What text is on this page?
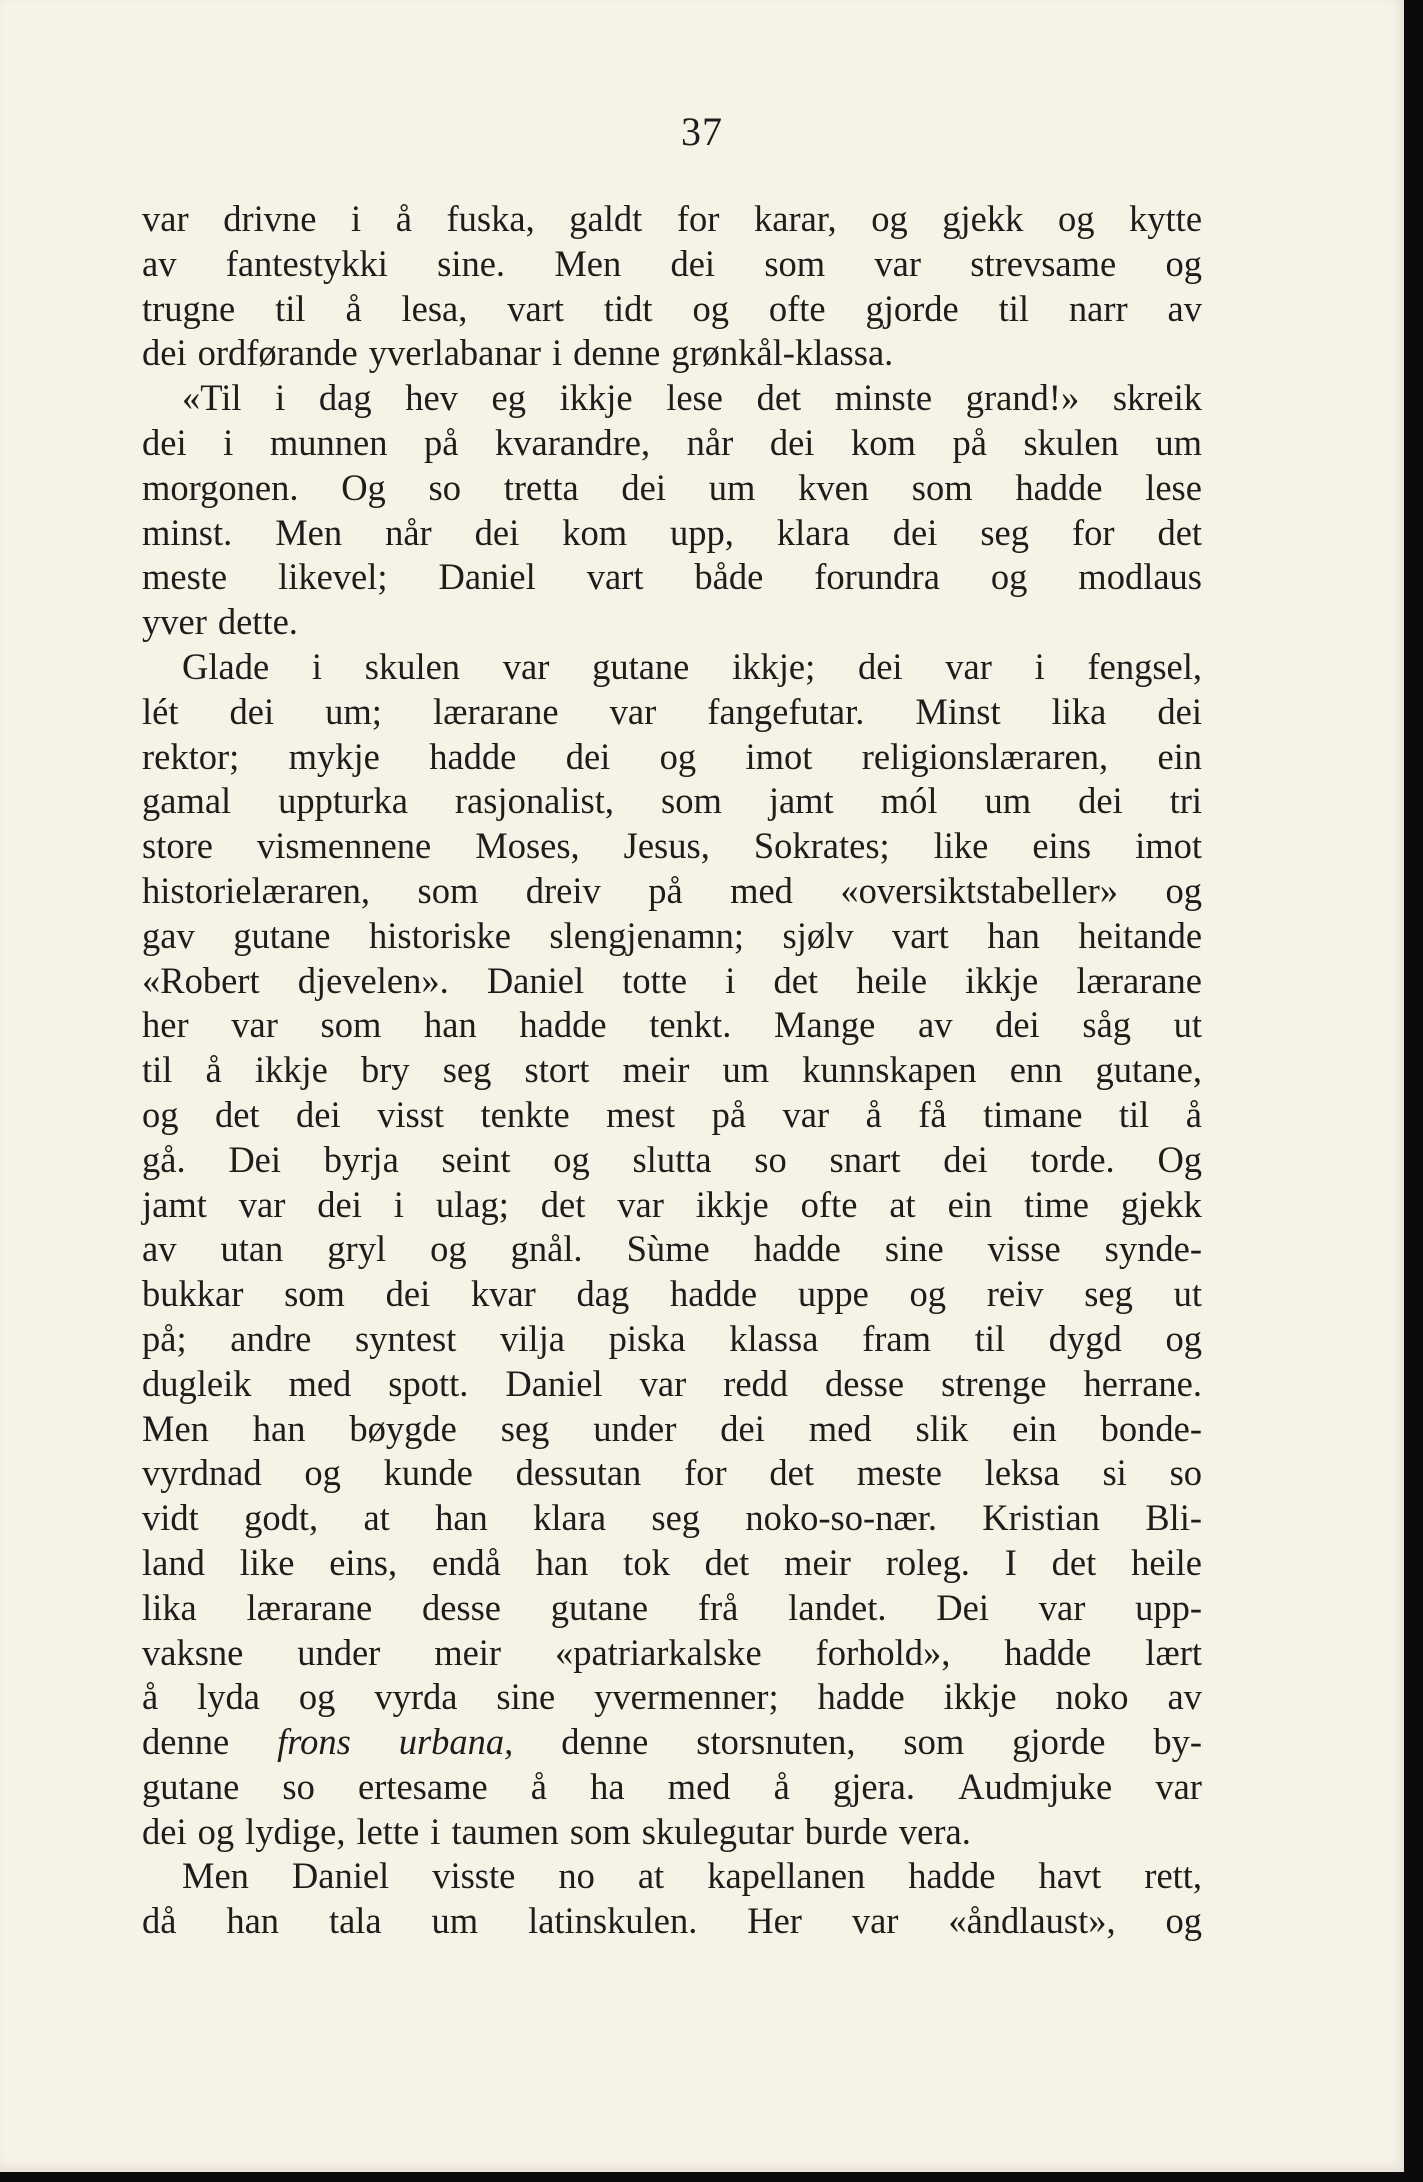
37
var drivne i å fuska, galdt for karar, og gjekk og kytte
av fantestykki sine. Men dei som var strevsame og
trugne til å lesa, vart tidt og ofte gjorde til narr av
dei ordførande yverlabanar i denne grønkål-klassa.
«Til i dag hev eg ikkje lese det minste grand!» skreik
dei i munnen på kvarandre, når dei kom på skulen um
morgonen. Og so tretta dei um kven som hadde lese
minst. Men når dei kom upp, klara dei seg for det
meste likevel; Daniel vart både forundra og modlaus
yver dette.
Glade i skulen var gutane ikkje; dei var i fengsel,
lét dei um; lærarane var fangefutar. Minst lika dei
rektor; mykje hadde dei og imot religionslæraren, ein
gamal uppturka rasjonalist, som jamt mól um dei tri
store vismennene Moses, Jesus, Sokrates; like eins imot
historielæraren, som dreiv på med «oversiktstabeller» og
gav gutane historiske slengjenamn; sjølv vart han heitande
«Robert djevelen». Daniel totte i det heile ikkje lærarane
her var som han hadde tenkt. Mange av dei såg ut
til å ikkje bry seg stort meir um kunnskapen enn gutane,
og det dei visst tenkte mest på var å få timane til å
gå. Dei byrja seint og slutta so snart dei torde. Og
jamt var dei i ulag; det var ikkje ofte at ein time gjekk
av utan gryl og gnål. Sùme hadde sine visse synde-
bukkar som dei kvar dag hadde uppe og reiv seg ut
på; andre syntest vilja piska klassa fram til dygd og
dugleik med spott. Daniel var redd desse strenge herrane.
Men han bøygde seg under dei med slik ein bonde-
vyrdnad og kunde dessutan for det meste leksa si so
vidt godt, at han klara seg noko-so-nær. Kristian Bli-
land like eins, endå han tok det meir roleg. I det heile
lika lærarane desse gutane frå landet. Dei var upp-
vaksne under meir «patriarkalske forhold», hadde lært
å lyda og vyrda sine yvermenner; hadde ikkje noko av
denne frons urbana, denne storsnuten, som gjorde by-
gutane so ertesame å ha med å gjera. Audmjuke var
dei og lydige, lette i taumen som skulegutar burde vera.
Men Daniel visste no at kapellanen hadde havt rett,
då han tala um latinskulen. Her var «åndlaust», og
